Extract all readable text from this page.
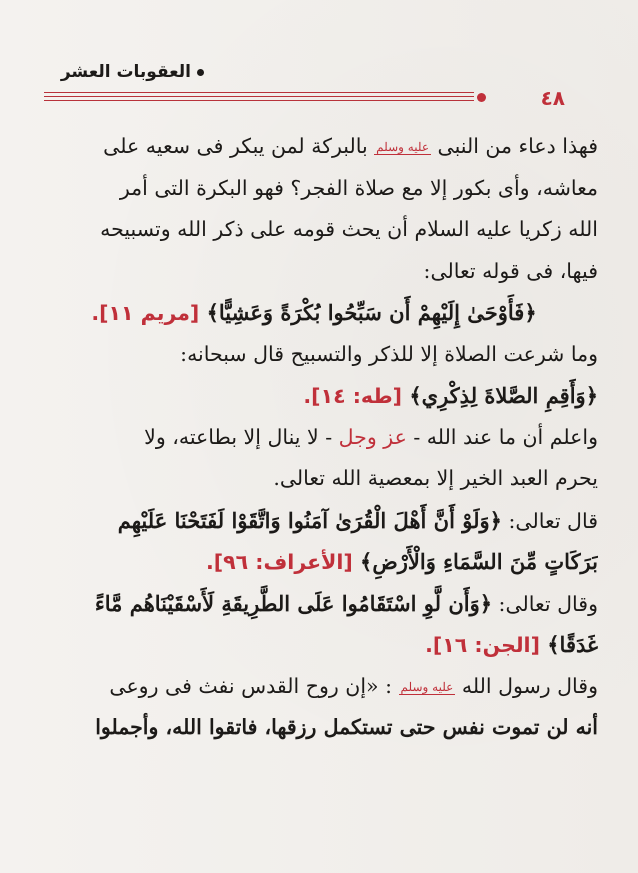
العقوبات العشر
٤٨
فهذا دعاء من النبى عليه وسلم بالبركة لمن يبكر فى سعيه على
معاشه، وأى بكور إلا مع صلاة الفجر؟ فهو البكرة التى أمر
الله زكريا عليه السلام أن يحث قومه على ذكر الله وتسبيحه
فيها، فى قوله تعالى:
﴿فَأَوْحَىٰ إِلَيْهِمْ أَن سَبِّحُوا بُكْرَةً وَعَشِيًّا﴾ [مريم ١١].
وما شرعت الصلاة إلا للذكر والتسبيح قال سبحانه:
﴿وَأَقِمِ الصَّلاةَ لِذِكْرِي﴾ [طه: ١٤].
واعلم أن ما عند الله - عز وجل - لا ينال إلا بطاعته، ولا
يحرم العبد الخير إلا بمعصية الله تعالى.
قال تعالى: ﴿وَلَوْ أَنَّ أَهْلَ الْقُرَىٰ آمَنُوا وَاتَّقَوْا لَفَتَحْنَا عَلَيْهِم
بَرَكَاتٍ مِّنَ السَّمَاءِ وَالْأَرْضِ﴾ [الأعراف: ٩٦].
وقال تعالى: ﴿وَأَن لَّوِ اسْتَقَامُوا عَلَى الطَّرِيقَةِ لَأَسْقَيْنَاهُم مَّاءً
غَدَقًا﴾ [الجن: ١٦].
وقال رسول الله عليه وسلم : «إن روح القدس نفث فى روعى
أنه لن تموت نفس حتى تستكمل رزقها، فاتقوا الله، وأجملوا
